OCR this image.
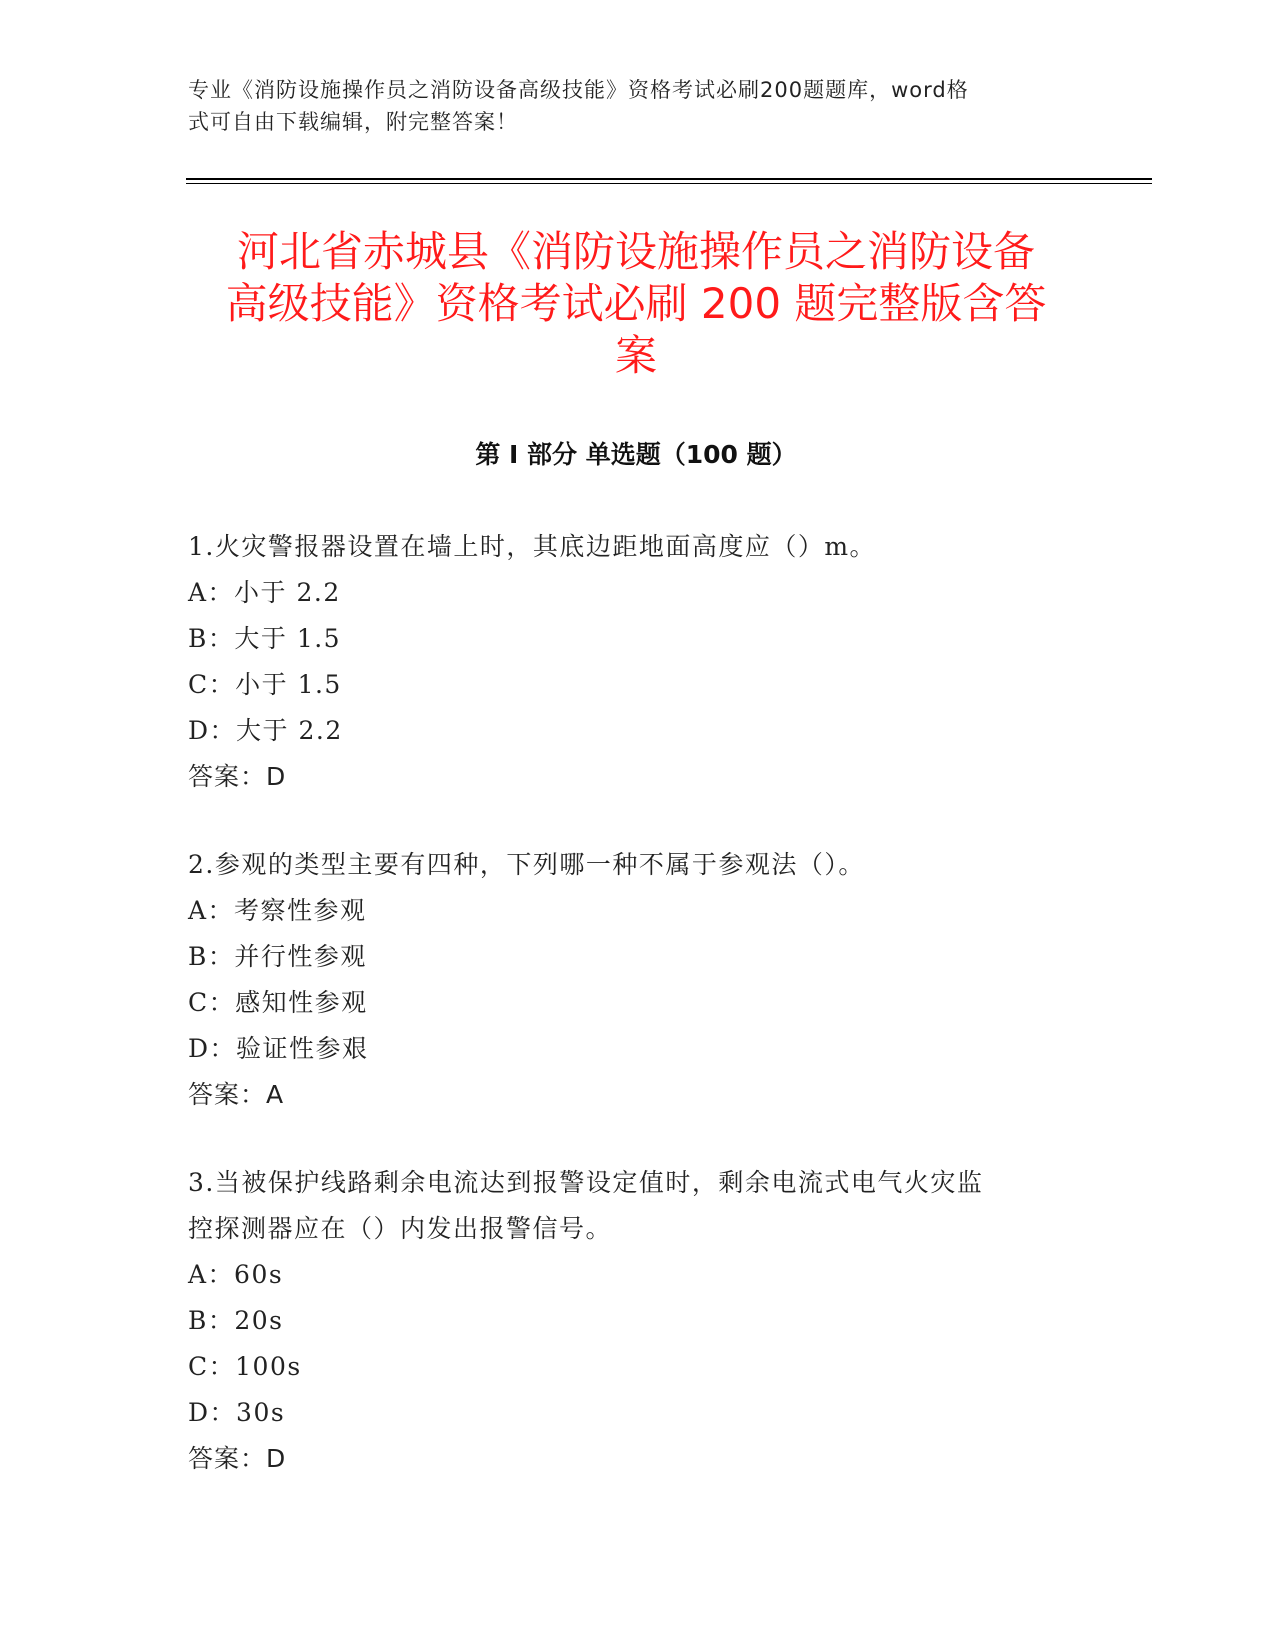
专业《消防设施操作员之消防设备高级技能》资格考试必刷200题题库，word格
式可自由下载编辑，附完整答案！
河北省赤城县《消防设施操作员之消防设备
高级技能》资格考试必刷 200 题完整版含答
案
第 I 部分 单选题（100 题）
1.火灾警报器设置在墙上时，其底边距地面高度应（）m。
A：小于 2.2
B：大于 1.5
C：小于 1.5
D：大于 2.2
答案：D
2.参观的类型主要有四种，下列哪一种不属于参观法（）。
A：考察性参观
B：并行性参观
C：感知性参观
D：验证性参艰
答案：A
3.当被保护线路剩余电流达到报警设定值时，剩余电流式电气火灾监
控探测器应在（）内发出报警信号。
A：60s
B：20s
C：100s
D：30s
答案：D
